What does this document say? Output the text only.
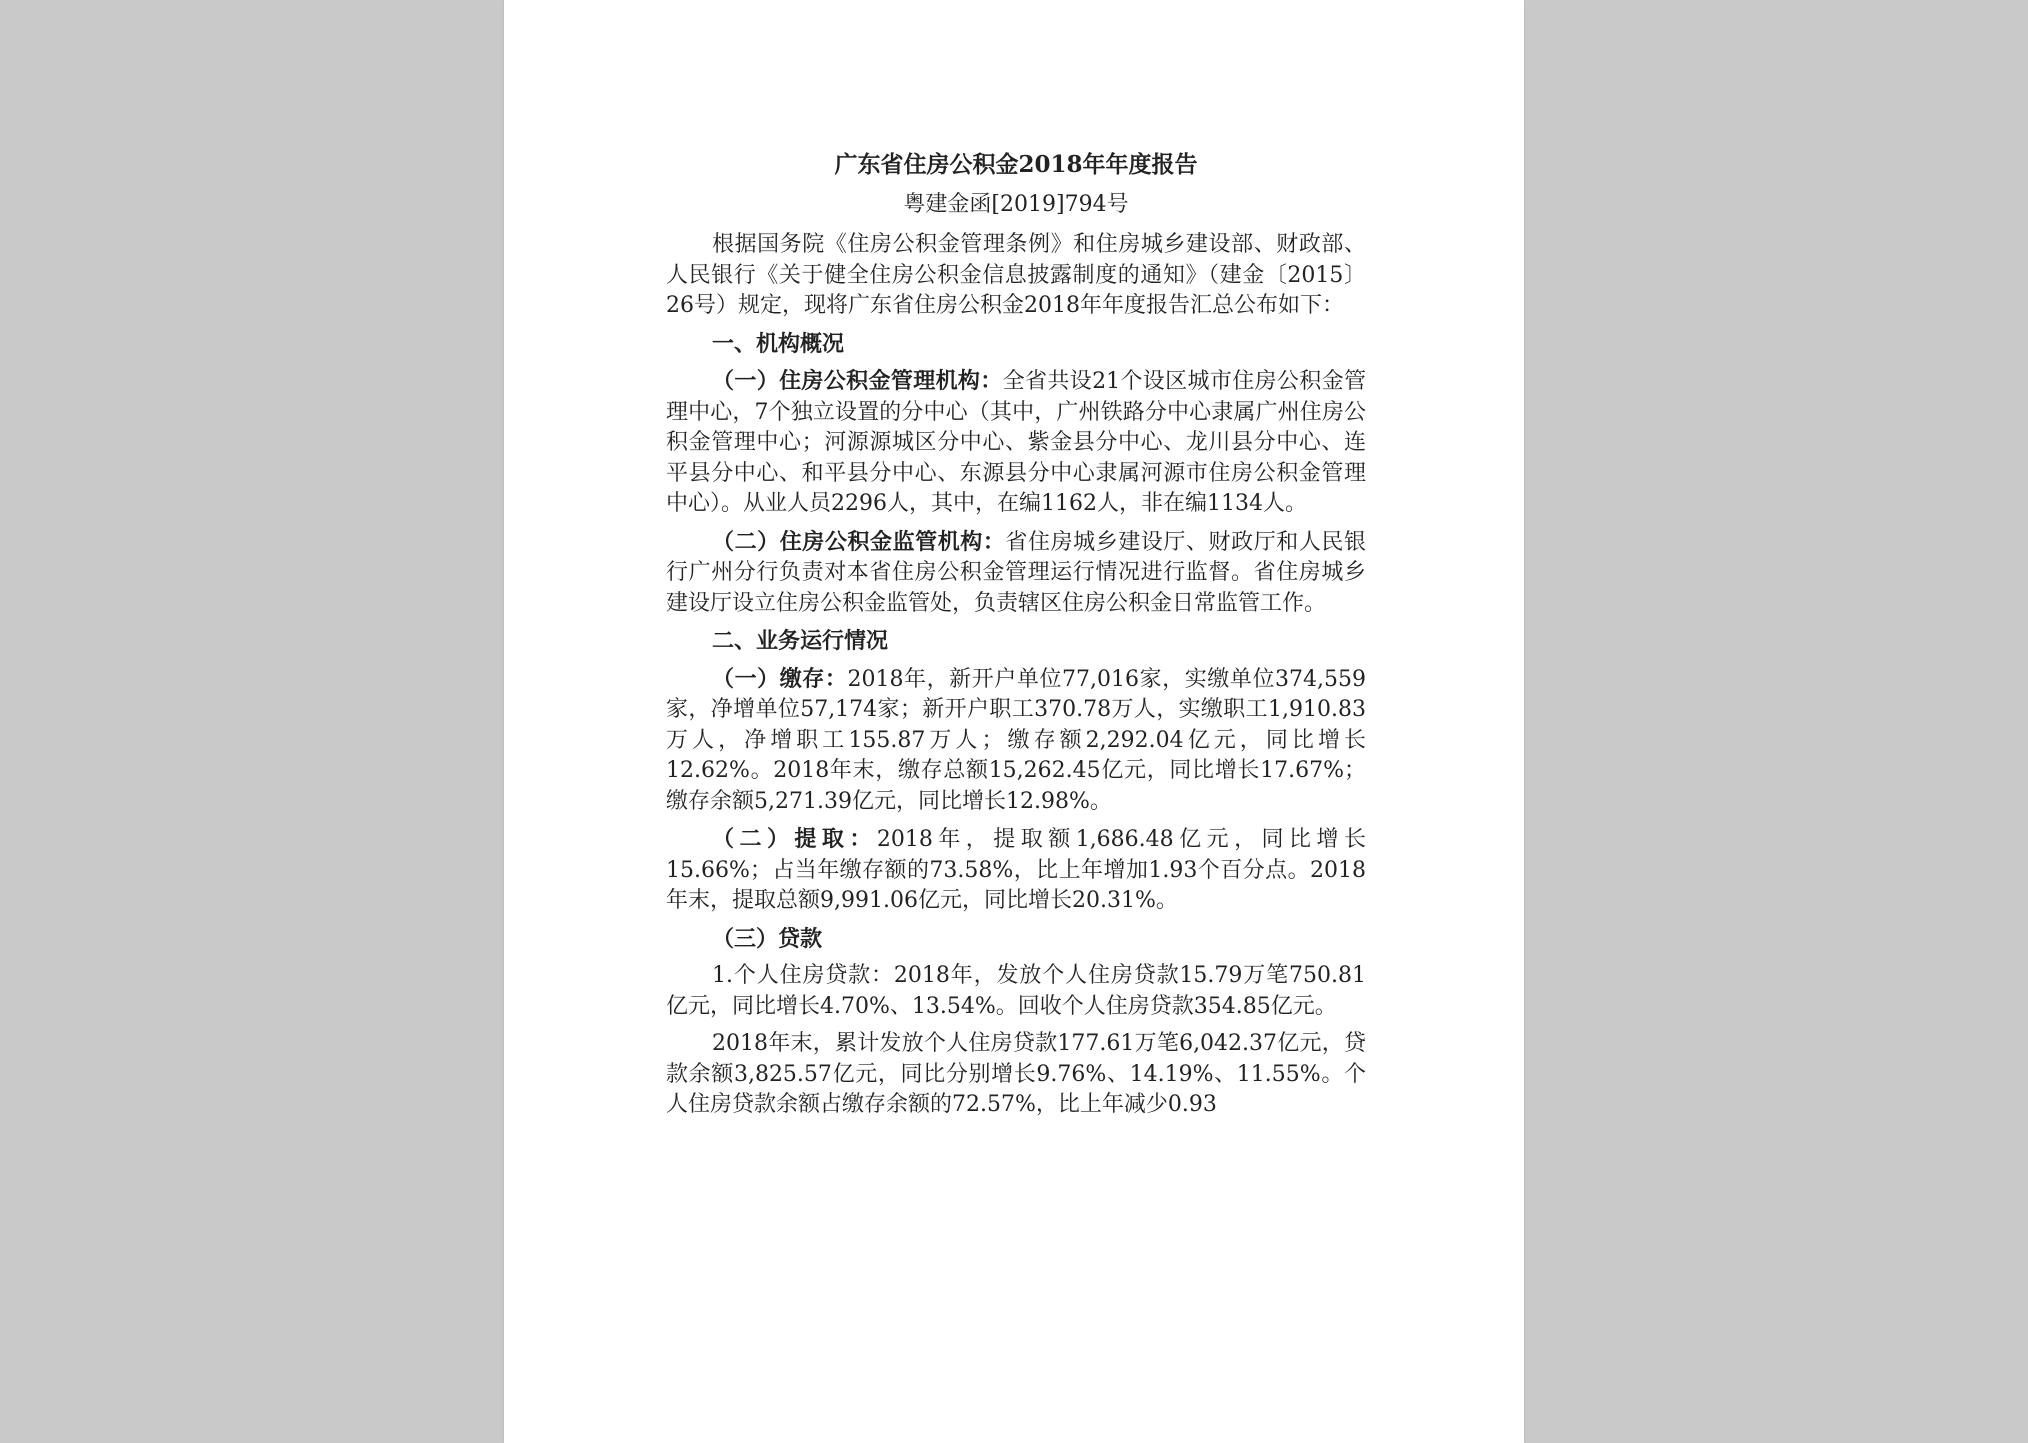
广东省住房公积金2018年年度报告
粤建金函[2019]794号

根据国务院《住房公积金管理条例》和住房城乡建设部、财政部、人民银行《关于健全住房公积金信息披露制度的通知》（建金〔2015〕26号）规定，现将广东省住房公积金2018年年度报告汇总公布如下：

一、机构概况

（一）住房公积金管理机构：全省共设21个设区城市住房公积金管理中心，7个独立设置的分中心（其中，广州铁路分中心隶属广州住房公积金管理中心；河源源城区分中心、紫金县分中心、龙川县分中心、连平县分中心、和平县分中心、东源县分中心隶属河源市住房公积金管理中心）。从业人员2296人，其中，在编1162人，非在编1134人。

（二）住房公积金监管机构：省住房城乡建设厅、财政厅和人民银行广州分行负责对本省住房公积金管理运行情况进行监督。省住房城乡建设厅设立住房公积金监管处，负责辖区住房公积金日常监管工作。

二、业务运行情况

（一）缴存：2018年，新开户单位77,016家，实缴单位374,559家，净增单位57,174家；新开户职工370.78万人，实缴职工1,910.83万人，净增职工155.87万人；缴存额2,292.04亿元，同比增长12.62%。2018年末，缴存总额15,262.45亿元，同比增长17.67%；缴存余额5,271.39亿元，同比增长12.98%。

（二）提取：2018年，提取额1,686.48亿元，同比增长15.66%；占当年缴存额的73.58%，比上年增加1.93个百分点。2018年末，提取总额9,991.06亿元，同比增长20.31%。

（三）贷款

1.个人住房贷款：2018年，发放个人住房贷款15.79万笔750.81亿元，同比增长4.70%、13.54%。回收个人住房贷款354.85亿元。

2018年末，累计发放个人住房贷款177.61万笔6,042.37亿元，贷款余额3,825.57亿元，同比分别增长9.76%、14.19%、11.55%。个人住房贷款余额占缴存余额的72.57%，比上年减少0.93
